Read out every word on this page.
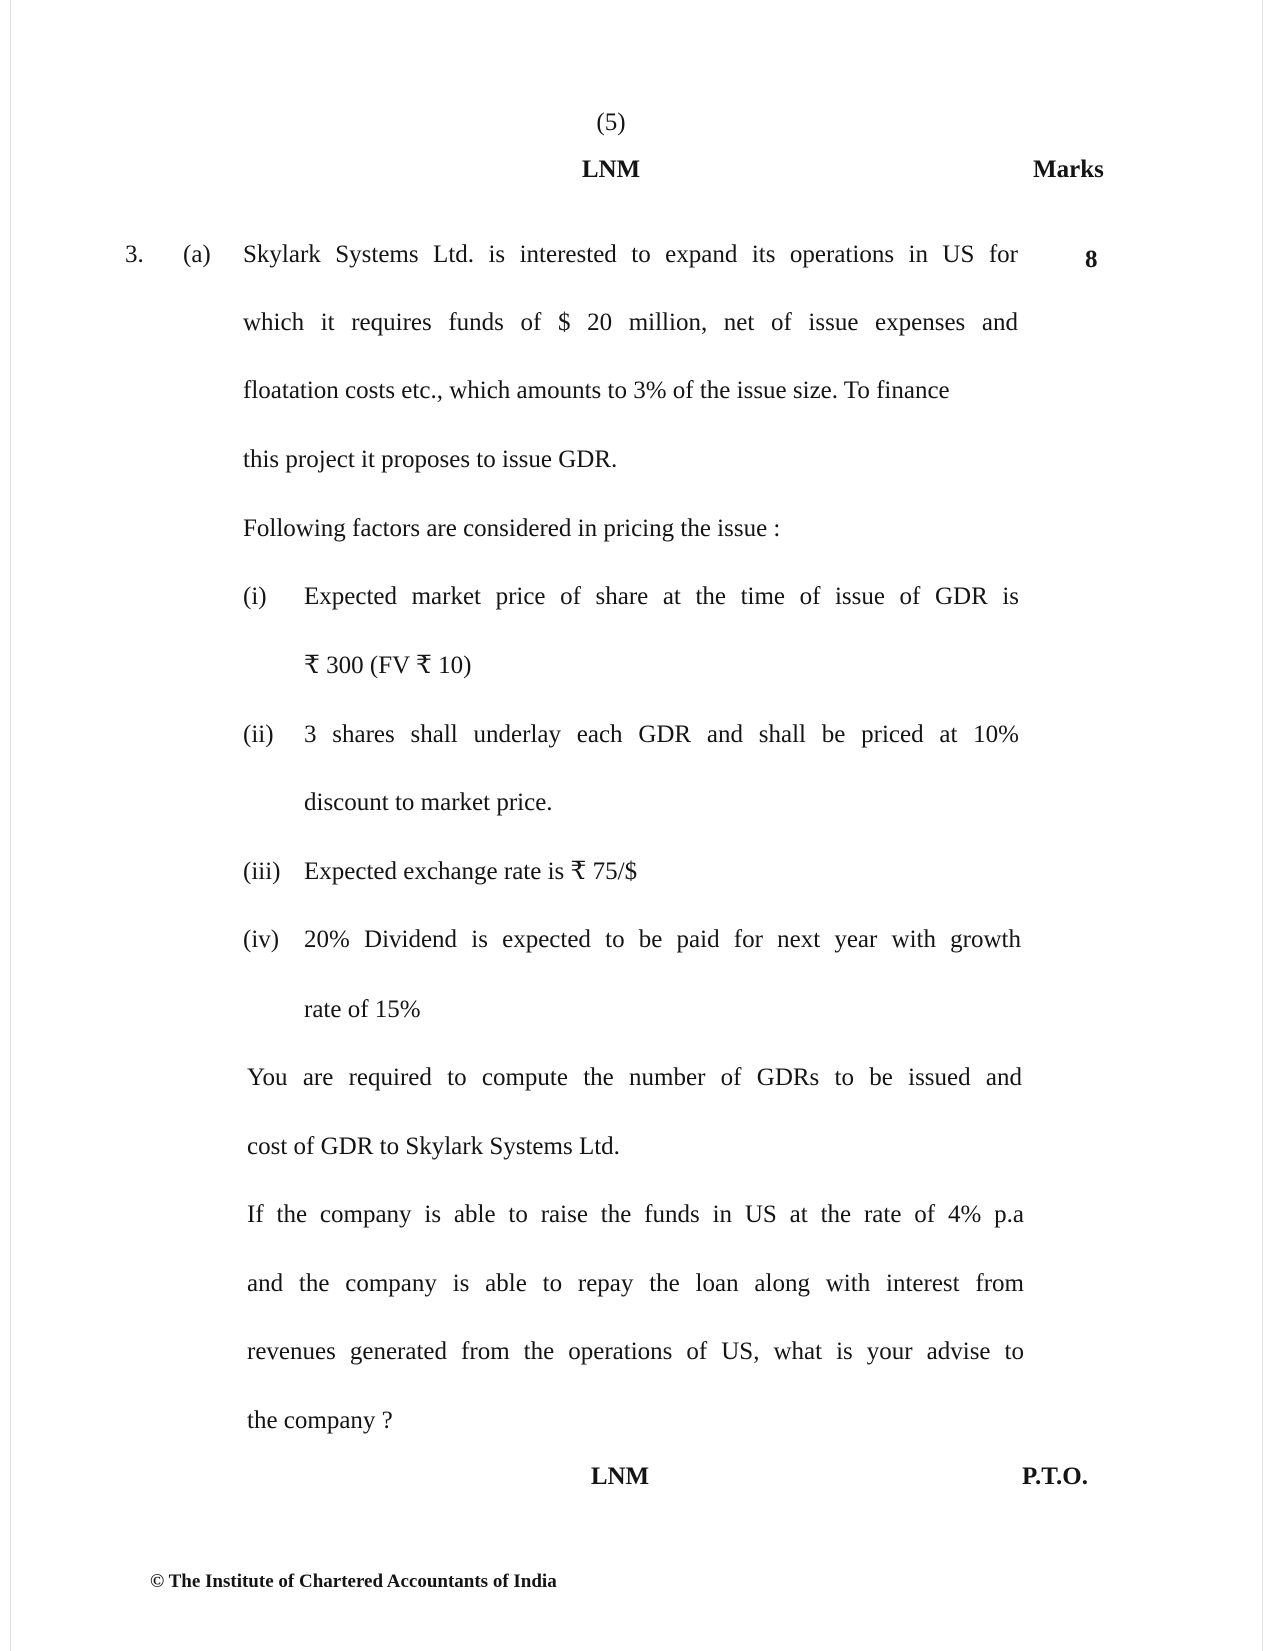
(5)
LNM	Marks
3. (a)	8
Skylark Systems Ltd. is interested to expand its operations in US for
which it requires funds of $ 20 million, net of issue expenses and
floatation costs etc., which amounts to 3% of the issue size. To finance
this project it proposes to issue GDR.
Following factors are considered in pricing the issue :
(i) Expected market price of share at the time of issue of GDR is
₹ 300 (FV ₹ 10)
(ii) 3 shares shall underlay each GDR and shall be priced at 10%
discount to market price.
(iii) Expected exchange rate is ₹ 75/$
(iv) 20% Dividend is expected to be paid for next year with growth
rate of 15%
You are required to compute the number of GDRs to be issued and
cost of GDR to Skylark Systems Ltd.
If the company is able to raise the funds in US at the rate of 4% p.a
and the company is able to repay the loan along with interest from
revenues generated from the operations of US, what is your advise to
the company ?
LNM	P.T.O.
© The Institute of Chartered Accountants of India
